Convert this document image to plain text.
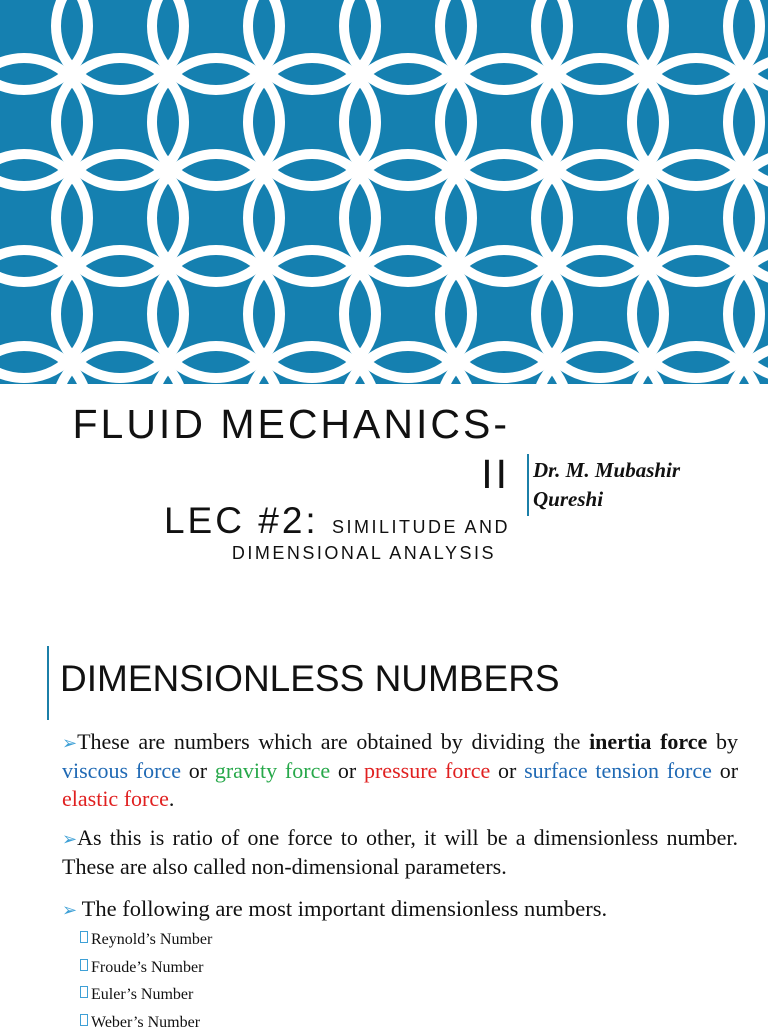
FLUID MECHANICS-
II
LEC #2: SIMILITUDE AND
DIMENSIONAL ANALYSIS
Dr. M. Mubashir
Qureshi
DIMENSIONLESS NUMBERS
➢These are numbers which are obtained by dividing the inertia force by viscous force or gravity force or pressure force or surface tension force or elastic force.
➢As this is ratio of one force to other, it will be a dimensionless number. These are also called non-dimensional parameters.
➢ The following are most important dimensionless numbers.
Reynold’s Number
Froude’s Number
Euler’s Number
Weber’s Number
